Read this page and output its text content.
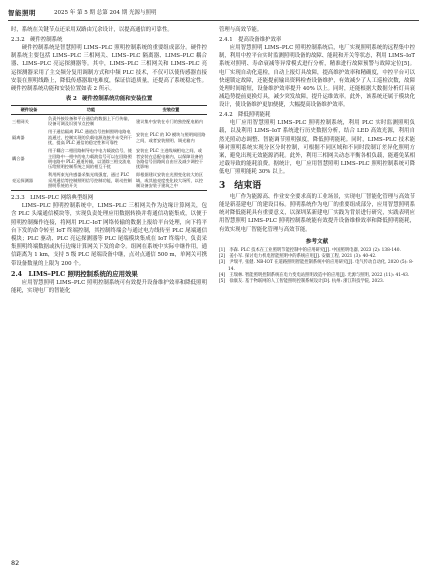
智能照明	2025 年 第 5 期 总第 204 期 光源与照明

时，系统在关键节点还采用双路由冗余设计，以提高通信的可靠性。

2.3.2　硬件控制系统

硬件控制系统是智慧照明 LIMS–PLC 照明控制系统的重要组成部分。硬件控制系统主要包括 LIMS–PLC 三相网关、LIMS–PLC 隔离器、LIMS–PLC 耦合器、LIMS–PLC 亮运探测器等。其中，LIMS–PLC 三相网关和 LIMS–PLC 亮运探测器采用了主交频分复用调制方式和中频 PLC 技术，不仅可以使传感器直接安装在照明线路上，降低传感器取电难度，保证信道质量，还提高了系统稳定性。硬件控制系统功能和安装位置如表 2 所示。

表 2　硬件控制系统功能和安装位置
硬件设备	功能	安装位置
三相网关	负责外接设备和平台通信的数据上下行传输，设备可调及识别节点控制	建议集中安装在专门的独控配电箱内
隔离器	用于通信隔离 PLC 通道信号控制照明电路电流通过，控制实现的负载电源连接并未受到干扰，提高 PLC 通信的稳定性和可靠性	安装在 PLC 的 IO 模块与照明间回路之间，或者安装照明、调光箱内
耦合器	用于耦合二相回路制导电中电力载波信号，使主回路中一相中的电力载波信号可以在回路照明电路中 PLC 通道传输，以消除三相交流电压给照明控制系统之间的相互干扰	安装在 PLC 主进线端相电之间，或者安装在总配电箱内，以保障设备的各路信号回路间自由应及减少调控干扰影响
亮运探测器	利用两束光传感器采集光线强度，通过 PLC 采用通信等控制照明信号控制功能，联动控制照明系统的开关	即根据建议安装在光照变化较大的区域，或其他亮度变化较大场所，以控制设备安装于建筑之中

2.3.3　LIMS–PLC 网络典型组网

LIMS–PLC 照明控制系统中，LIMS–PLC 三相网关作为边缘计算网关，包含 PLC 头端通信模块等，实现负责处理应用数据转换并将通信功能集成，以便于照明控制操作连接，将网用 PLC–IoT 网络传输的数据上报给平台处理，向下将平台下发的命令转至 IoT 终端控制，其控制终端会与通过电力线传至 PLC 尾端通信模块；PLC 驱动、PLC 亮运探测器等 PLC 尾端模块集成在 IoT 终端中，负责采集照明终端数据或执行边缘计算网关下发的命令。组网在系统中实际中继作用，通信距离为 1 km，支持 5 级 PLC 尾端设备中继，点对点通信 500 m，单网关可携带设备数量的上限为 200 个。

2.4　LIMS–PLC 照明控制系统的应用效果

应用智慧照明 LIMS–PLC 照明控制系统可有效提升设备维护效率和降低照明能耗，实现电厂的智能化

管理与高效节能。

2.4.1　提高设备维护效率

应用智慧照明 LIMS–PLC 照明控制系统后，电厂实现照明系统的远程集中控制，利用中控平台实时监测照明设备的故障、能耗和开关等状态，利用 LIMS–IoT 系统对照明、寿命衰减等异常模式进行分析，精准进行故障预警与故障定位[5]。电厂实现自动化巡检，自动上报灯具故障，提高维护效率和精确度，中控平台可以快速锁定故障，还能提前输出资料检查设备维护，有效减少了人工巡检次数，故障处理时间缩短，设备维护效率提升 40% 以上。同时，还能根据大数据分析灯具衰减趋势提前更换灯具，减少突发故障，提升运维效率。此外，该系统还属于模块化设计，使设备维护更加便捷，大幅提高设备维护效率。

2.4.2　降低照明能耗

电厂应用智慧照明 LIMS–PLC 照明控制系统，利用 PLC 实时监测照明负载，以及利用 LIMS–IoT 系统进行历史数据分析，结合 LED 高效光源，利用自然光照动态调整、智能调节照明强度，降低照明能耗。同时，LIMS–PLC 技术能够对照明系统实现分区分时控制，可根据不同区域和不同时段制订差异化照明方案，避免出现无效能源消耗。此外，利用三相网关动态平衡各相负载，能避免某相过载导致的能耗浪费。据统计，电厂应用智慧照明 LIMS–PLC 照明控制系统可降低电厂照明能耗 30% 以上。

3　结束语

电厂作为能源高、作业安全要求高的工业场景，实现电厂智能化管理与高效节能是新基建电厂的建设目标。照明系统作为电厂的重要组成部分，应用智慧照明系统对降低能耗具有重要意义，以深圳某新建电厂实践为背景进行研究，实践表明应用智慧照明 LIMS–PLC 照明控制系统能有效提升设备维修效率和降低照明能耗，有效实现电厂智能化管理与高效节能。

参考文献

[1]　李森. PLC 技术在工业照明节能控制中的应用研究[J]. 中国照明电器, 2023 (2): 138-140.

[2]　姜小军. 探讨电力机电智能照明中的系统应用[J]. 安徽工程, 2021 (3): 40-42.

[3]　尹瑞平, 张健. NB-IOT 在道路照明智能控制系统中的应用研究[J]. 电气传动自动化, 2020 (5): 8-14.

[4]　王瑞林. 智能照明控制系统在电力变电站照明改造中的应用[J]. 光源与照明, 2022 (11): 41-43.

[5]　徐康友. 基于物联网的人工智能照明控制系统设计[D]. 杭州: 浙江科技学院, 2023.

82
